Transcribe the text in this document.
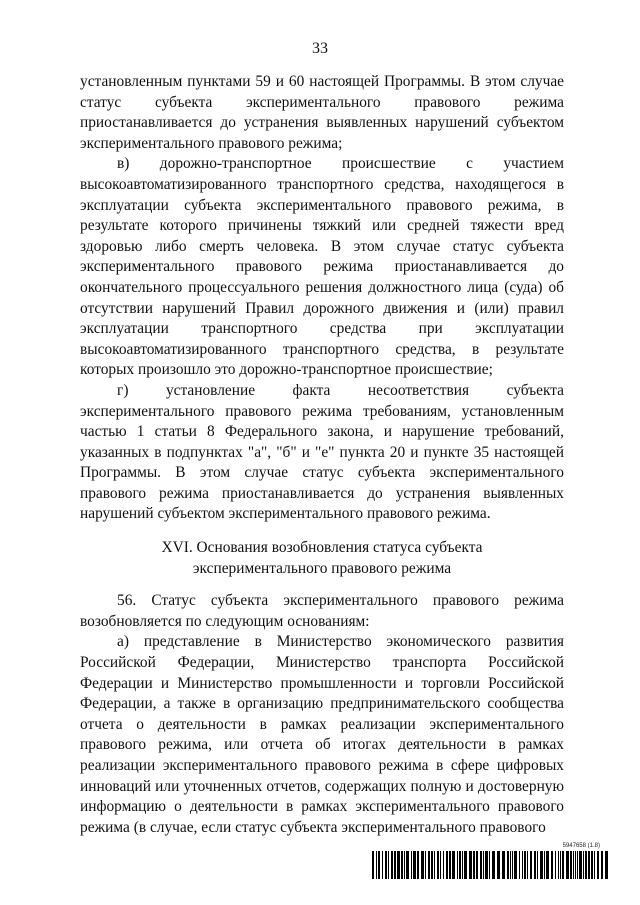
33

установленным пунктами 59 и 60 настоящей Программы. В этом случае статус субъекта экспериментального правового режима приостанавливается до устранения выявленных нарушений субъектом экспериментального правового режима;

в) дорожно-транспортное происшествие с участием высокоавтоматизированного транспортного средства, находящегося в эксплуатации субъекта экспериментального правового режима, в результате которого причинены тяжкий или средней тяжести вред здоровью либо смерть человека. В этом случае статус субъекта экспериментального правового режима приостанавливается до окончательного процессуального решения должностного лица (суда) об отсутствии нарушений Правил дорожного движения и (или) правил эксплуатации транспортного средства при эксплуатации высокоавтоматизированного транспортного средства, в результате которых произошло это дорожно-транспортное происшествие;

г) установление факта несоответствия субъекта экспериментального правового режима требованиям, установленным частью 1 статьи 8 Федерального закона, и нарушение требований, указанных в подпунктах "а", "б" и "е" пункта 20 и пункте 35 настоящей Программы. В этом случае статус субъекта экспериментального правового режима приостанавливается до устранения выявленных нарушений субъектом экспериментального правового режима.

XVI. Основания возобновления статуса субъекта
экспериментального правового режима

56. Статус субъекта экспериментального правового режима возобновляется по следующим основаниям:

а) представление в Министерство экономического развития Российской Федерации, Министерство транспорта Российской Федерации и Министерство промышленности и торговли Российской Федерации, а также в организацию предпринимательского сообщества отчета о деятельности в рамках реализации экспериментального правового режима, или отчета об итогах деятельности в рамках реализации экспериментального правового режима в сфере цифровых инноваций или уточненных отчетов, содержащих полную и достоверную информацию о деятельности в рамках экспериментального правового режима (в случае, если статус субъекта экспериментального правового

5947658 (1.8)
